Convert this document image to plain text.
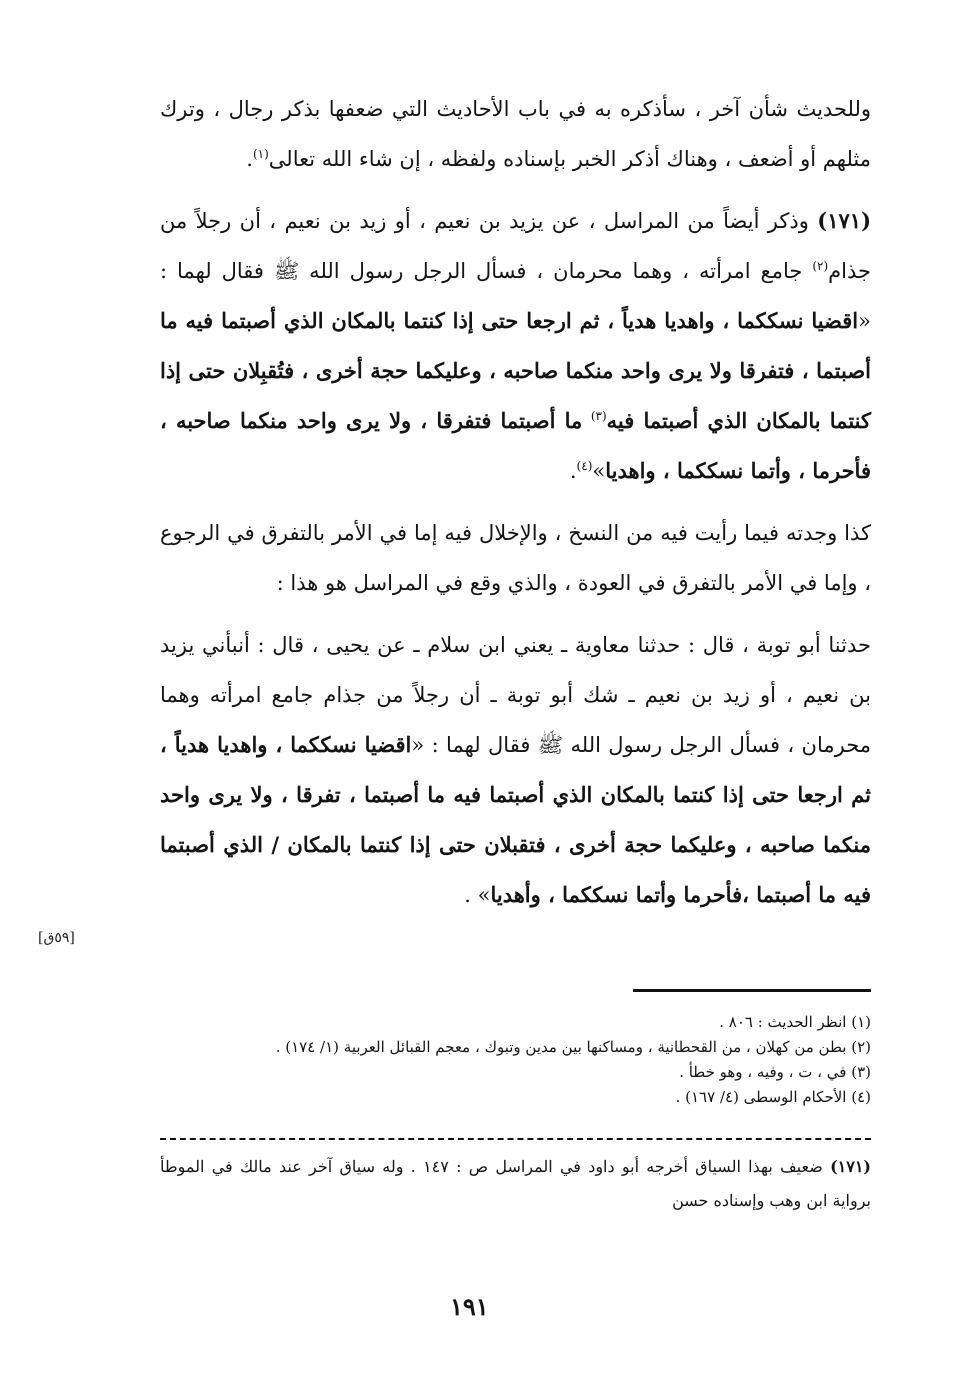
وللحديث شأن آخر ، سأذكره به في باب الأحاديث التي ضعفها بذكر رجال ، وترك مثلهم أو أضعف ، وهناك أذكر الخبر بإسناده ولفظه ، إن شاء الله تعالى$^{(١)}$.

(١٧١) وذكر أيضاً من المراسل ، عن يزيد بن نعيم ، أو زيد بن نعيم ، أن رجلاً من جذام$^{(٢)}$ جامع امرأته ، وهما محرمان ، فسأل الرجل رسول الله ﷺ فقال لهما : «اقضيا نسككما ، واهديا هدياً ، ثم ارجعا حتى إذا كنتما بالمكان الذي أصبتما فيه ما أصبتما ، فتفرقا ولا يرى واحد منكما صاحبه ، وعليكما حجة أخرى ، فتُقبِلان حتى إذا كنتما بالمكان الذي أصبتما فيه$^{(٣)}$ ما أصبتما فتفرقا ، ولا يرى واحد منكما صاحبه ، فأحرما ، وأتما نسككما ، واهديا»$^{(٤)}$.

كذا وجدته فيما رأيت فيه من النسخ ، والإخلال فيه إما في الأمر بالتفرق في الرجوع ، وإما في الأمر بالتفرق في العودة ، والذي وقع في المراسل هو هذا :

حدثنا أبو توبة ، قال : حدثنا معاوية ـ يعني ابن سلام ـ عن يحيى ، قال : أنبأني يزيد بن نعيم ، أو زيد بن نعيم ـ شك أبو توبة ـ أن رجلاً من جذام جامع امرأته وهما محرمان ، فسأل الرجل رسول الله ﷺ فقال لهما : «اقضيا نسككما ، واهديا هدياً ، ثم ارجعا حتى إذا كنتما بالمكان الذي أصبتما فيه ما أصبتما ، تفرقا ، ولا يرى واحد منكما صاحبه ، وعليكما حجة أخرى ، فتقبلان حتى إذا كنتما بالمكان / الذي أصبتما فيه ما أصبتما ،فأحرما وأتما نسككما ، وأهديا» .

[٥٩ق]

(١) انظر الحديث : ٨٠٦ .

(٢) بطن من كهلان ، من القحطانية ، ومساكنها بين مدين وتبوك ، معجم القبائل العربية (١/ ١٧٤) .

(٣) في ، ت ، وفيه ، وهو خطأ .

(٤) الأحكام الوسطى (٤/ ١٦٧) .

(١٧١) ضعيف بهذا السياق أخرجه أبو داود في المراسل ص : ١٤٧ . وله سياق آخر عند مالك في الموطأ برواية ابن وهب وإسناده حسن
١٩١
